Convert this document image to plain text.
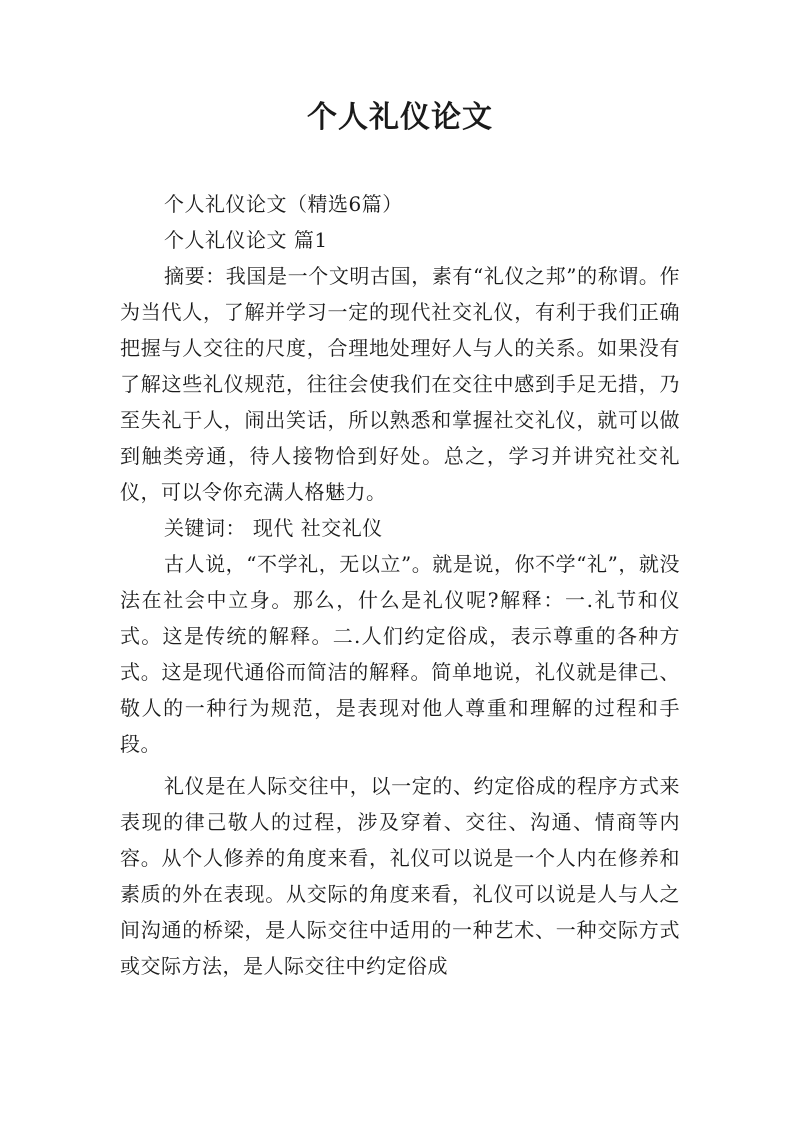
个人礼仪论文

个人礼仪论文（精选6篇）

个人礼仪论文 篇1

摘要：我国是一个文明古国，素有“礼仪之邦”的称谓。作为当代人，了解并学习一定的现代社交礼仪，有利于我们正确把握与人交往的尺度，合理地处理好人与人的关系。如果没有了解这些礼仪规范，往往会使我们在交往中感到手足无措，乃至失礼于人，闹出笑话，所以熟悉和掌握社交礼仪，就可以做到触类旁通，待人接物恰到好处。总之，学习并讲究社交礼仪，可以令你充满人格魅力。

关键词： 现代 社交礼仪

古人说，“不学礼，无以立”。就是说，你不学“礼”，就没法在社会中立身。那么，什么是礼仪呢?解释：一.礼节和仪式。这是传统的解释。二.人们约定俗成，表示尊重的各种方式。这是现代通俗而简洁的解释。简单地说，礼仪就是律己、敬人的一种行为规范，是表现对他人尊重和理解的过程和手段。

礼仪是在人际交往中，以一定的、约定俗成的程序方式来表现的律己敬人的过程，涉及穿着、交往、沟通、情商等内容。从个人修养的角度来看，礼仪可以说是一个人内在修养和素质的外在表现。从交际的角度来看，礼仪可以说是人与人之间沟通的桥梁，是人际交往中适用的一种艺术、一种交际方式或交际方法，是人际交往中约定俗成
